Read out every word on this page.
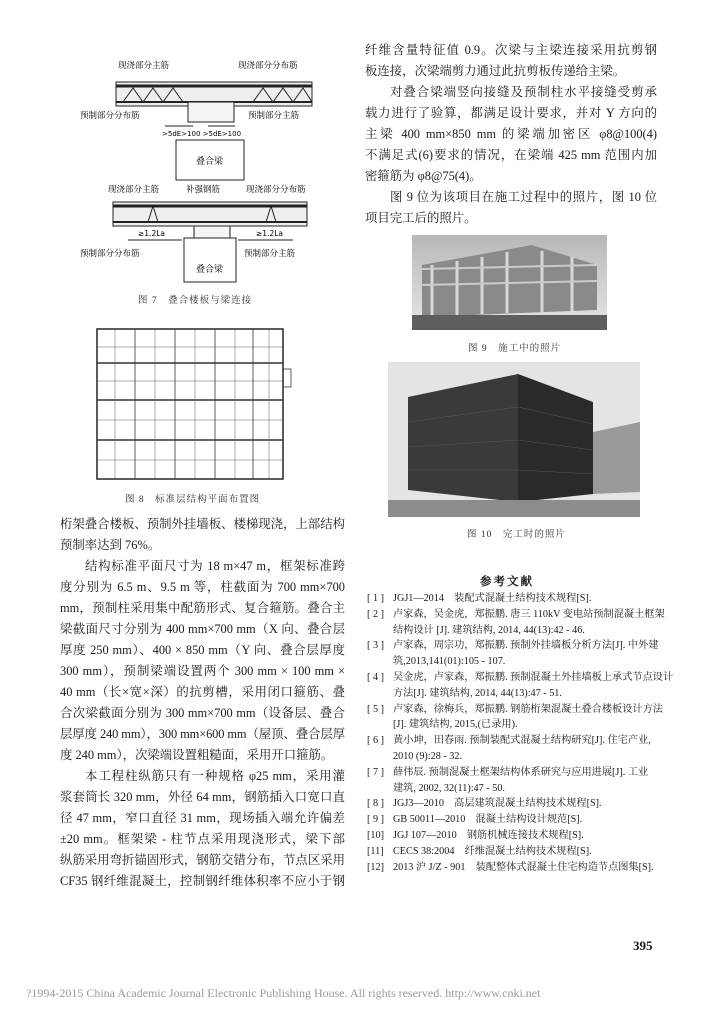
现浇部分主筋	现浇部分分布筋
预制部分分布筋	预制部分主筋
>5dE>100 >5dE>100
叠合梁
现浇部分主筋	补强钢筋	现浇部分分布筋
≥1.2La	≥1.2La
预制部分分布筋	预制部分主筋
叠合梁
图 7　叠合楼板与梁连接
图 8　标准层结构平面布置图
桁架叠合楼板、预制外挂墙板、楼梯现浇，上部结构
预制率达到 76%。
结构标准平面尺寸为 18 m×47 m，框架标准跨
度分别为 6.5 m、9.5 m 等，柱截面为 700 mm×700
mm，预制柱采用集中配筋形式、复合箍筋。叠合主
梁截面尺寸分别为 400 mm×700 mm（X 向、叠合层
厚度 250 mm）、400 × 850 mm（Y 向、叠合层厚度
300 mm），预制梁端设置两个 300 mm × 100 mm ×
40 mm（长×宽×深）的抗剪槽，采用闭口箍筋、叠
合次梁截面分别为 300 mm×700 mm（设备层、叠合
层厚度 240 mm），300 mm×600 mm（屋顶、叠合层厚
度 240 mm），次梁端设置粗糙面，采用开口箍筋。
本工程柱纵筋只有一种规格 φ25 mm，采用灌
浆套筒长 320 mm，外径 64 mm，钢筋插入口宽口直
径 47 mm，窄口直径 31 mm，现场插入端允许偏差
±20 mm。框架梁 - 柱节点采用现浇形式，梁下部
纵筋采用弯折锚固形式，钢筋交错分布，节点区采用
CF35 钢纤维混凝土，控制钢纤维体积率不应小于钢
纤维含量特征值 0.9。次梁与主梁连接采用抗剪钢
板连接，次梁端剪力通过此抗剪板传递给主梁。
对叠合梁端竖向接缝及预制柱水平接缝受剪承
载力进行了验算，都满足设计要求，并对 Y 方向的
主梁 400 mm×850 mm 的梁端加密区 φ8@100(4)
不满足式(6)要求的情况，在梁端 425 mm 范围内加
密箍筋为 φ8@75(4)。
图 9 位为该项目在施工过程中的照片，图 10 位
项目完工后的照片。
图 9　施工中的照片
图 10　完工时的照片
参考文献
[ 1 ] JGJ1—2014　装配式混凝土结构技术规程[S].
[ 2 ] 卢家森，吴金虎，郑振鹏. 唐三 110kV 变电站预制混凝土框架
结构设计 [J]. 建筑结构, 2014, 44(13):42 - 46.
[ 3 ] 卢家森，周宗功，郑振鹏. 预制外挂墙板分析方法[J]. 中外建
筑,2013,141(01):105 - 107.
[ 4 ] 吴金虎，卢家森，郑振鹏. 预制混凝土外挂墙板上承式节点设计
方法[J]. 建筑结构, 2014, 44(13):47 - 51.
[ 5 ] 卢家森，徐梅兵，郑振鹏. 钢筋桁架混凝土叠合楼板设计方法
[J]. 建筑结构, 2015,(已录用).
[ 6 ] 黄小坤，田春雨. 预制装配式混凝土结构研究[J]. 住宅产业,
2010 (9):28 - 32.
[ 7 ] 薛伟辰. 预制混凝土框架结构体系研究与应用进展[J]. 工业
建筑, 2002, 32(11):47 - 50.
[ 8 ] JGJ3—2010　高层建筑混凝土结构技术规程[S].
[ 9 ] GB 50011—2010　混凝土结构设计规范[S].
[10] JGJ 107—2010　钢筋机械连接技术规程[S].
[11] CECS 38:2004　纤维混凝土结构技术规程[S].
[12] 2013 沪 J/Z - 901　装配整体式混凝土住宅构造节点图集[S].
395
?1994-2015 China Academic Journal Electronic Publishing House. All rights reserved. http://www.cnki.net
